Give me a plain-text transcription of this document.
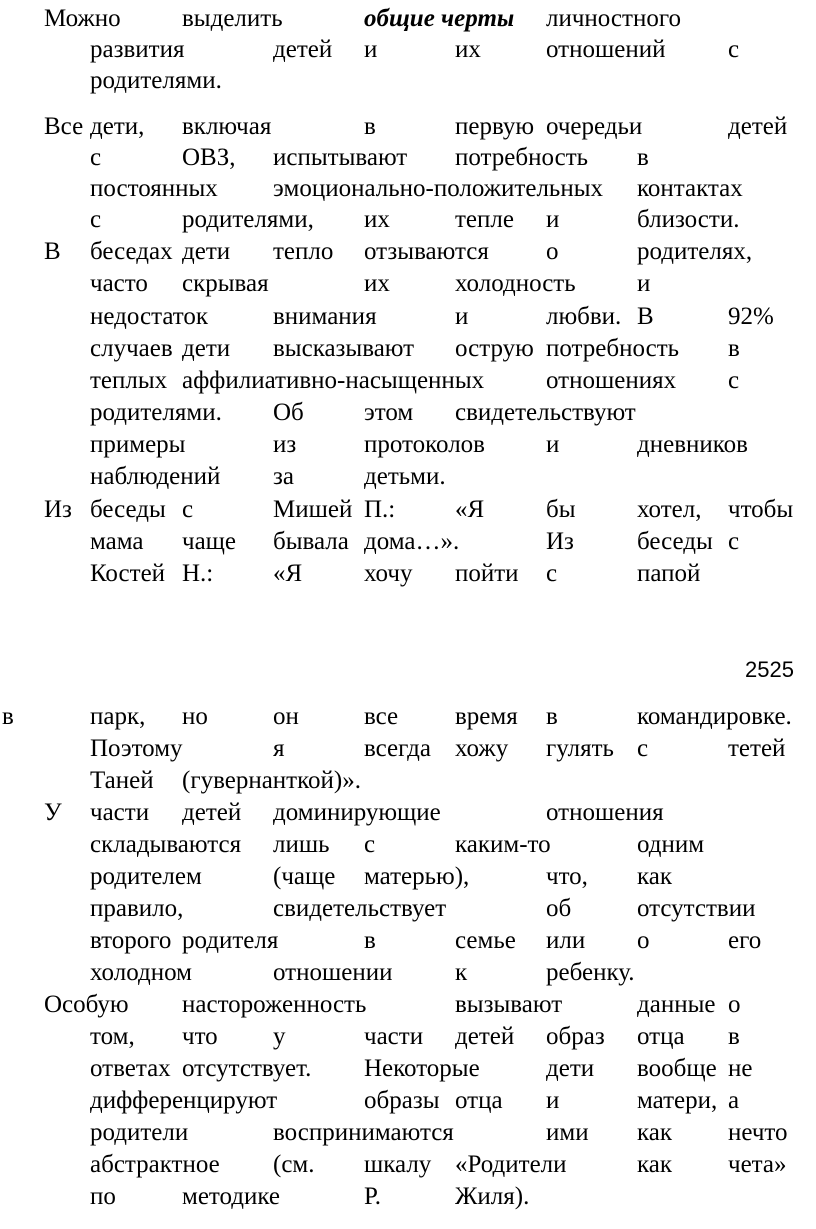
Можно выделить	общие черты личностного
развития	детей и	их	отношений	с
родителями.
Все дети, включая	в	первую очередьи	детей
с	ОВЗ, испытывают потребность в
постоянных эмоционально-положительных контактах
с	родителями, их	тепле и	близости.
В беседах дети тепло отзываются о	родителях,
часто скрывая	их	холодность и
недостаток	внимания	и	любви. В	92%
случаев дети высказывают острую потребность в
теплых аффилиативно-насыщенных отношениях с
родителями. Об этом свидетельствуют
примеры	из	протоколов и	дневников
наблюдений за	детьми.
Из беседы с	Мишей П.: «Я бы хотел, чтобы
мама чаще бывала дома…».	Из	беседы с
Костей Н.: «Я хочу пойти с	папой
2525
в	парк, но	он	все время в	командировке.
Поэтому	я	всегда хожу гулять с	тетей
Таней (гувернанткой)».
У части детей доминирующие	отношения
складываются лишь с	каким-то	одним
родителем	(чаще матерью),	что, как
правило,	свидетельствует	об	отсутствии
второго родителя	в	семье или о	его
холодном	отношении	к	ребенку.
Особую настороженность	вызывают	данные о
том, что у	части детей образ отца в
ответах отсутствует. Некоторые	дети вообще не
дифференцируют	образы отца и	матери, а
родители	воспринимаются	ими как нечто
абстрактное (см. шкалу «Родители	как чета»
по	методике	Р.	Жиля).
